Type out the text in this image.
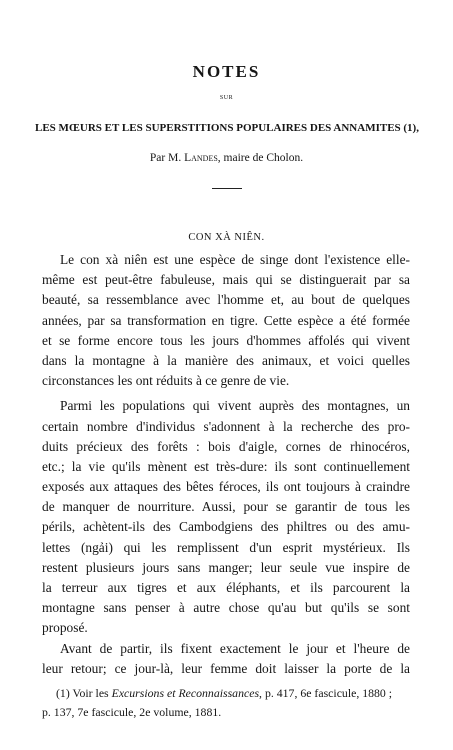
NOTES
SUR
LES MŒURS ET LES SUPERSTITIONS POPULAIRES DES ANNAMITES (1),
Par M. Landes, maire de Cholon.
CON XÀ NIÊN.
Le con xà niên est une espèce de singe dont l'existence elle-
même est peut-être fabuleuse, mais qui se distinguerait par sa
beauté, sa ressemblance avec l'homme et, au bout de quelques
années, par sa transformation en tigre. Cette espèce a été formée
et se forme encore tous les jours d'hommes affolés qui vivent
dans la montagne à la manière des animaux, et voici quelles
circonstances les ont réduits à ce genre de vie.
Parmi les populations qui vivent auprès des montagnes, un
certain nombre d'individus s'adonnent à la recherche des pro-
duits précieux des forêts : bois d'aigle, cornes de rhinocéros,
etc.; la vie qu'ils mènent est très-dure: ils sont continuellement
exposés aux attaques des bêtes féroces, ils ont toujours à craindre
de manquer de nourriture. Aussi, pour se garantir de tous les
périls, achètent-ils des Cambodgiens des philtres ou des amu-
lettes (ngải) qui les remplissent d'un esprit mystérieux. Ils
restent plusieurs jours sans manger; leur seule vue inspire de
la terreur aux tigres et aux éléphants, et ils parcourent la
montagne sans penser à autre chose qu'au but qu'ils se sont
proposé.
Avant de partir, ils fixent exactement le jour et l'heure de
leur retour; ce jour-là, leur femme doit laisser la porte de la
(1) Voir les Excursions et Reconnaissances, p. 417, 6e fascicule, 1880 ;
p. 137, 7e fascicule, 2e volume, 1881.
